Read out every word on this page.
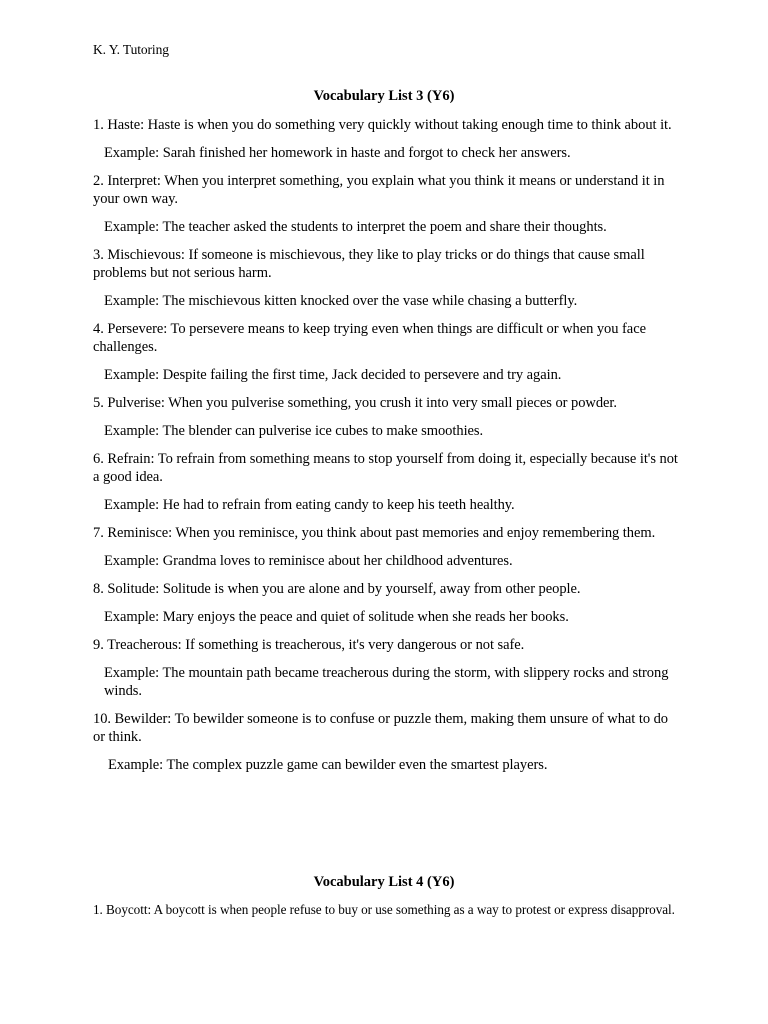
K. Y. Tutoring
Vocabulary List 3 (Y6)

1. Haste: Haste is when you do something very quickly without taking enough time to think about it.

Example: Sarah finished her homework in haste and forgot to check her answers.

2. Interpret: When you interpret something, you explain what you think it means or understand it in your own way.

Example: The teacher asked the students to interpret the poem and share their thoughts.

3. Mischievous: If someone is mischievous, they like to play tricks or do things that cause small problems but not serious harm.

Example: The mischievous kitten knocked over the vase while chasing a butterfly.

4. Persevere: To persevere means to keep trying even when things are difficult or when you face challenges.

Example: Despite failing the first time, Jack decided to persevere and try again.

5. Pulverise: When you pulverise something, you crush it into very small pieces or powder.

Example: The blender can pulverise ice cubes to make smoothies.

6. Refrain: To refrain from something means to stop yourself from doing it, especially because it's not a good idea.

Example: He had to refrain from eating candy to keep his teeth healthy.

7. Reminisce: When you reminisce, you think about past memories and enjoy remembering them.

Example: Grandma loves to reminisce about her childhood adventures.

8. Solitude: Solitude is when you are alone and by yourself, away from other people.

Example: Mary enjoys the peace and quiet of solitude when she reads her books.

9. Treacherous: If something is treacherous, it's very dangerous or not safe.

Example: The mountain path became treacherous during the storm, with slippery rocks and strong winds.

10. Bewilder: To bewilder someone is to confuse or puzzle them, making them unsure of what to do or think.

Example: The complex puzzle game can bewilder even the smartest players.

Vocabulary List 4 (Y6)

1. Boycott: A boycott is when people refuse to buy or use something as a way to protest or express disapproval.
